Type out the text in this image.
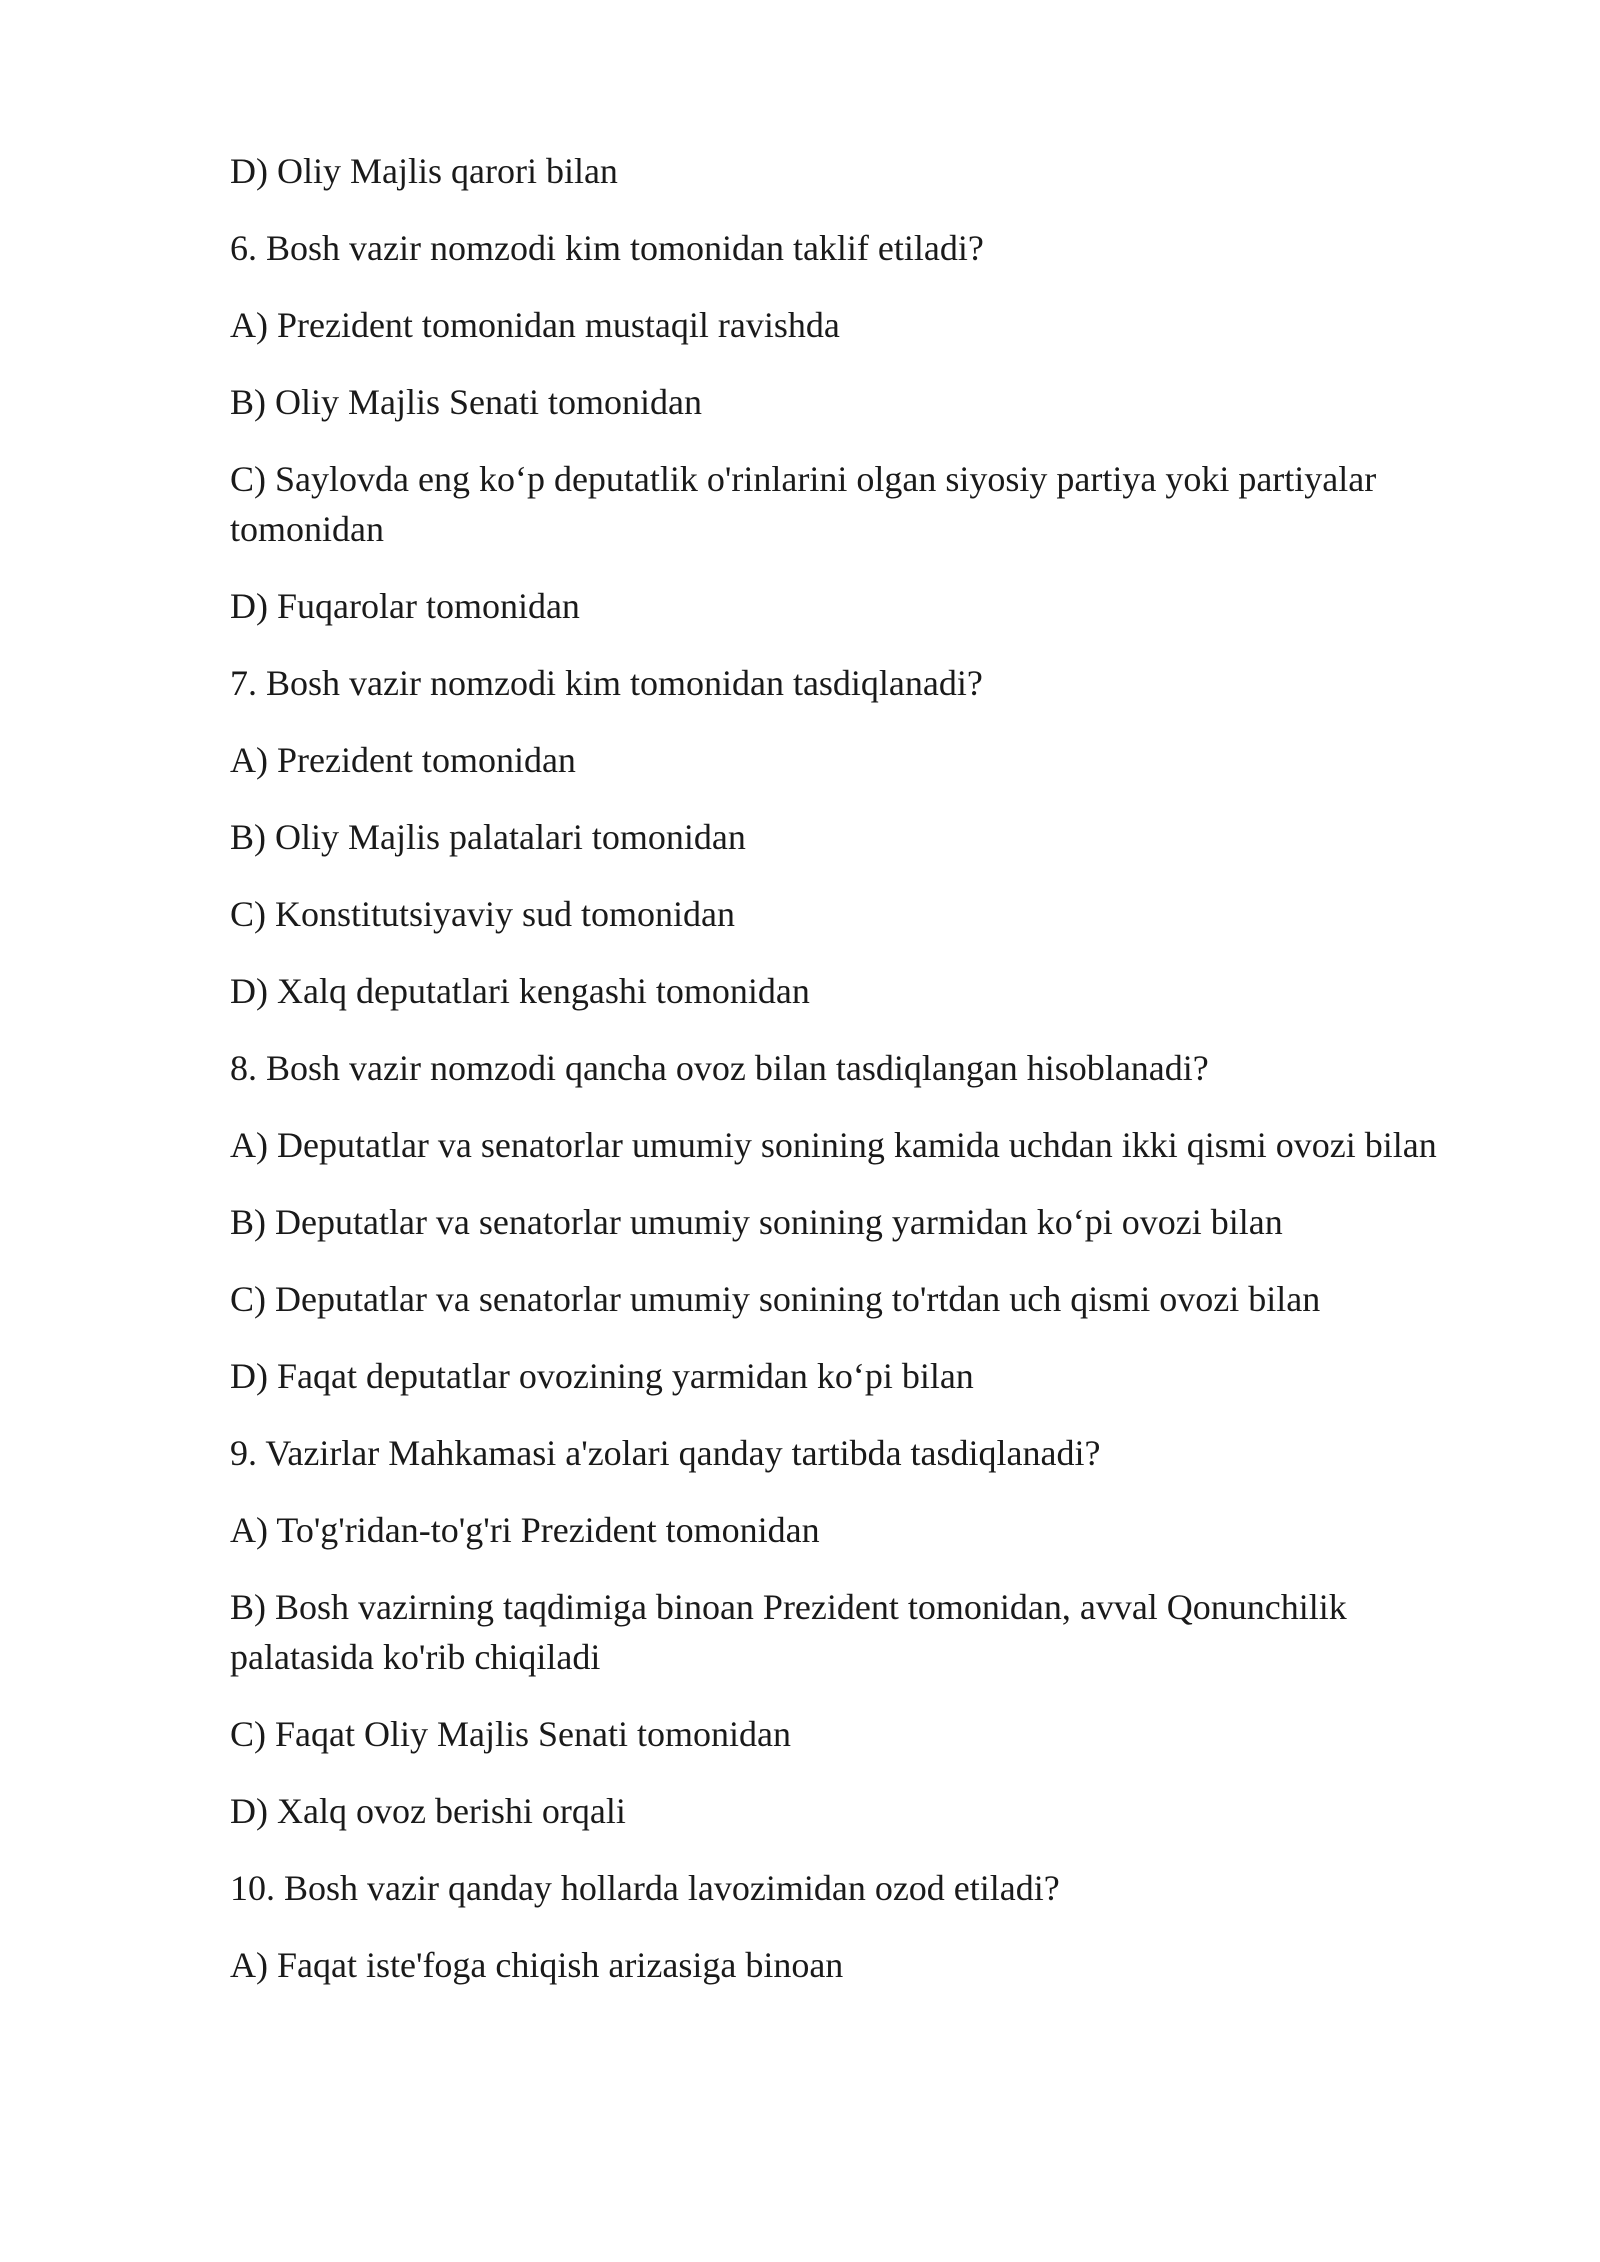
D) Oliy Majlis qarori bilan

6. Bosh vazir nomzodi kim tomonidan taklif etiladi?

A) Prezident tomonidan mustaqil ravishda

B) Oliy Majlis Senati tomonidan

C) Saylovda eng ko‘p deputatlik o'rinlarini olgan siyosiy partiya yoki partiyalar tomonidan

D) Fuqarolar tomonidan

7. Bosh vazir nomzodi kim tomonidan tasdiqlanadi?

A) Prezident tomonidan

B) Oliy Majlis palatalari tomonidan

C) Konstitutsiyaviy sud tomonidan

D) Xalq deputatlari kengashi tomonidan

8. Bosh vazir nomzodi qancha ovoz bilan tasdiqlangan hisoblanadi?

A) Deputatlar va senatorlar umumiy sonining kamida uchdan ikki qismi ovozi bilan

B) Deputatlar va senatorlar umumiy sonining yarmidan ko‘pi ovozi bilan

C) Deputatlar va senatorlar umumiy sonining to'rtdan uch qismi ovozi bilan

D) Faqat deputatlar ovozining yarmidan ko‘pi bilan

9. Vazirlar Mahkamasi a'zolari qanday tartibda tasdiqlanadi?

A) To'g'ridan-to'g'ri Prezident tomonidan

B) Bosh vazirning taqdimiga binoan Prezident tomonidan, avval Qonunchilik palatasida ko'rib chiqiladi

C) Faqat Oliy Majlis Senati tomonidan

D) Xalq ovoz berishi orqali

10. Bosh vazir qanday hollarda lavozimidan ozod etiladi?

A) Faqat iste'foga chiqish arizasiga binoan
